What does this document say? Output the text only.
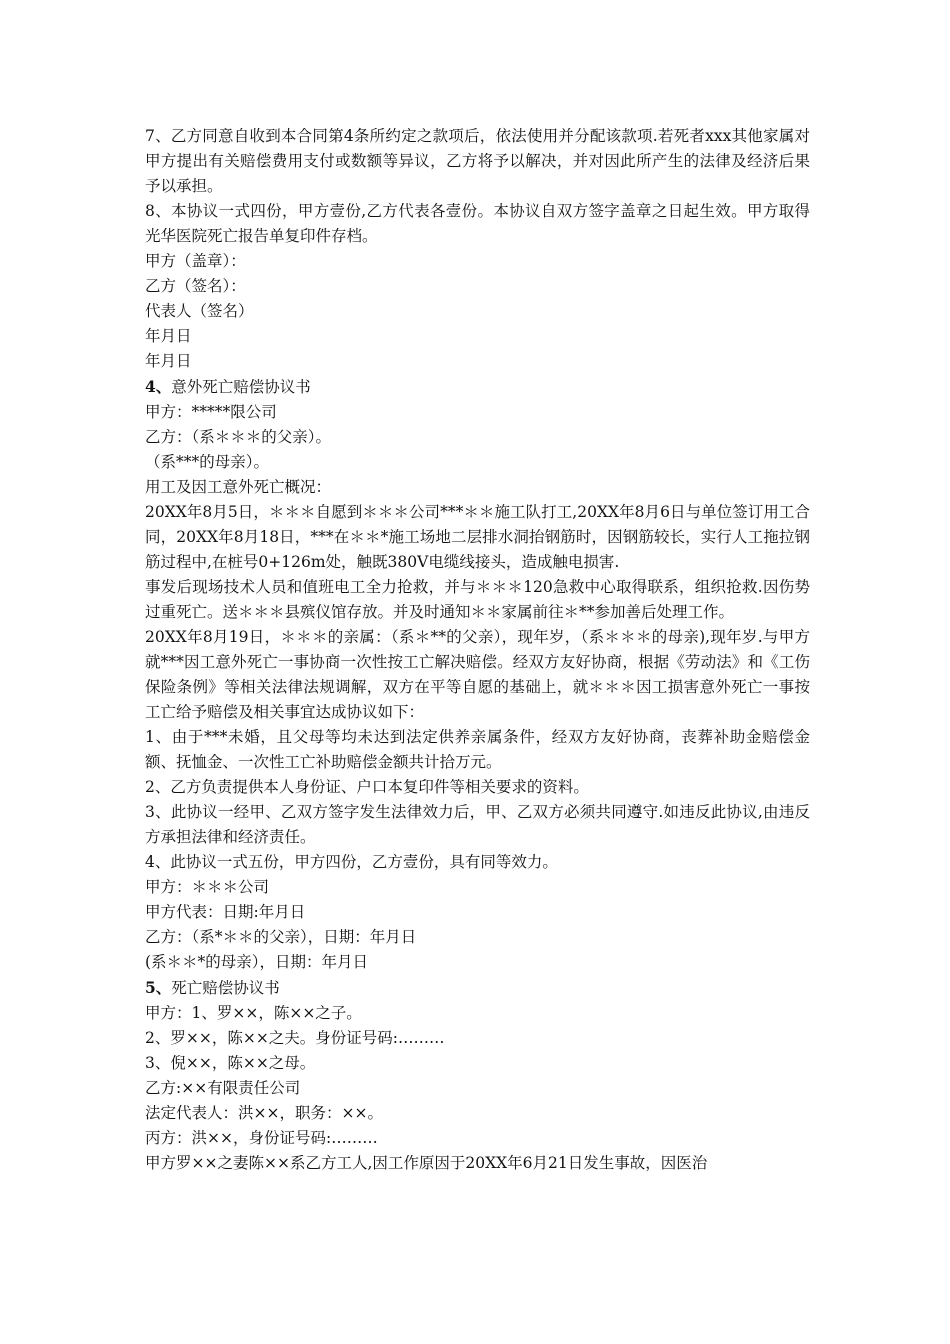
7、乙方同意自收到本合同第4条所约定之款项后，依法使用并分配该款项.若死者xxx其他家属对甲方提出有关赔偿费用支付或数额等异议，乙方将予以解决，并对因此所产生的法律及经济后果予以承担。

8、本协议一式四份，甲方壹份,乙方代表各壹份。本协议自双方签字盖章之日起生效。甲方取得光华医院死亡报告单复印件存档。

甲方（盖章）：

乙方（签名）：

代表人（签名）

年月日

年月日

4、意外死亡赔偿协议书

甲方：*****限公司

乙方：（系＊＊＊的父亲）。

（系***的母亲）。

用工及因工意外死亡概况：

20XX年8月5日，＊＊＊自愿到＊＊＊公司***＊＊施工队打工,20XX年8月6日与单位签订用工合同，20XX年8月18日，***在＊＊*施工场地二层排水洞抬钢筋时，因钢筋较长，实行人工拖拉钢筋过程中,在桩号0+126m处，触既380V电缆线接头，造成触电损害.

事发后现场技术人员和值班电工全力抢救，并与＊＊＊120急救中心取得联系，组织抢救.因伤势过重死亡。送＊＊＊县殡仪馆存放。并及时通知＊＊家属前往＊**参加善后处理工作。

20XX年8月19日，＊＊＊的亲属：（系＊**的父亲），现年岁，（系＊＊＊的母亲),现年岁.与甲方就***因工意外死亡一事协商一次性按工亡解决赔偿。经双方友好协商，根据《劳动法》和《工伤保险条例》等相关法律法规调解，双方在平等自愿的基础上，就＊＊＊因工损害意外死亡一事按工亡给予赔偿及相关事宜达成协议如下：

1、由于***未婚，且父母等均未达到法定供养亲属条件，经双方友好协商，丧葬补助金赔偿金额、抚恤金、一次性工亡补助赔偿金额共计拾万元。

2、乙方负责提供本人身份证、户口本复印件等相关要求的资料。

3、此协议一经甲、乙双方签字发生法律效力后，甲、乙双方必须共同遵守.如违反此协议,由违反方承担法律和经济责任。

4、此协议一式五份，甲方四份，乙方壹份，具有同等效力。

甲方：＊＊＊公司

甲方代表：日期:年月日

乙方：（系*＊＊的父亲），日期：年月日

(系＊＊*的母亲），日期：年月日

5、死亡赔偿协议书

甲方：1、罗××，陈××之子。

2、罗××，陈××之夫。身份证号码:………

3、倪××，陈××之母。

乙方:××有限责任公司

法定代表人：洪××，职务：××。

丙方：洪××，身份证号码:………

甲方罗××之妻陈××系乙方工人,因工作原因于20XX年6月21日发生事故，因医治
